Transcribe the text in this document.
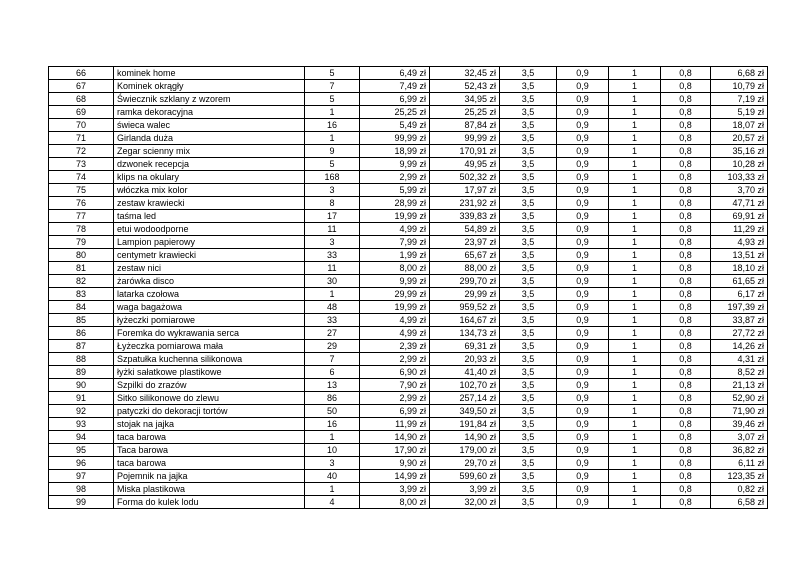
66	kominek home	5	6,49 zł	32,45 zł	3,5	0,9	1	0,8	6,68 zł
67	Kominek okrągły	7	7,49 zł	52,43 zł	3,5	0,9	1	0,8	10,79 zł
68	Świecznik szklany z wzorem	5	6,99 zł	34,95 zł	3,5	0,9	1	0,8	7,19 zł
69	ramka dekoracyjna	1	25,25 zł	25,25 zł	3,5	0,9	1	0,8	5,19 zł
70	świeca walec	16	5,49 zł	87,84 zł	3,5	0,9	1	0,8	18,07 zł
71	Girlanda duża	1	99,99 zł	99,99 zł	3,5	0,9	1	0,8	20,57 zł
72	Zegar scienny mix	9	18,99 zł	170,91 zł	3,5	0,9	1	0,8	35,16 zł
73	dzwonek recepcja	5	9,99 zł	49,95 zł	3,5	0,9	1	0,8	10,28 zł
74	klips na okulary	168	2,99 zł	502,32 zł	3,5	0,9	1	0,8	103,33 zł
75	włóczka mix kolor	3	5,99 zł	17,97 zł	3,5	0,9	1	0,8	3,70 zł
76	zestaw krawiecki	8	28,99 zł	231,92 zł	3,5	0,9	1	0,8	47,71 zł
77	taśma led	17	19,99 zł	339,83 zł	3,5	0,9	1	0,8	69,91 zł
78	etui wodoodporne	11	4,99 zł	54,89 zł	3,5	0,9	1	0,8	11,29 zł
79	Lampion papierowy	3	7,99 zł	23,97 zł	3,5	0,9	1	0,8	4,93 zł
80	centymetr krawiecki	33	1,99 zł	65,67 zł	3,5	0,9	1	0,8	13,51 zł
81	zestaw nici	11	8,00 zł	88,00 zł	3,5	0,9	1	0,8	18,10 zł
82	żarówka disco	30	9,99 zł	299,70 zł	3,5	0,9	1	0,8	61,65 zł
83	latarka czołowa	1	29,99 zł	29,99 zł	3,5	0,9	1	0,8	6,17 zł
84	waga bagażowa	48	19,99 zł	959,52 zł	3,5	0,9	1	0,8	197,39 zł
85	łyżeczki pomiarowe	33	4,99 zł	164,67 zł	3,5	0,9	1	0,8	33,87 zł
86	Foremka do wykrawania serca	27	4,99 zł	134,73 zł	3,5	0,9	1	0,8	27,72 zł
87	Łyżeczka pomiarowa mała	29	2,39 zł	69,31 zł	3,5	0,9	1	0,8	14,26 zł
88	Szpatułka kuchenna silikonowa	7	2,99 zł	20,93 zł	3,5	0,9	1	0,8	4,31 zł
89	łyżki sałatkowe plastikowe	6	6,90 zł	41,40 zł	3,5	0,9	1	0,8	8,52 zł
90	Szpilki do zrazów	13	7,90 zł	102,70 zł	3,5	0,9	1	0,8	21,13 zł
91	Sitko silikonowe do zlewu	86	2,99 zł	257,14 zł	3,5	0,9	1	0,8	52,90 zł
92	patyczki do dekoracji tortów	50	6,99 zł	349,50 zł	3,5	0,9	1	0,8	71,90 zł
93	stojak na jajka	16	11,99 zł	191,84 zł	3,5	0,9	1	0,8	39,46 zł
94	taca barowa	1	14,90 zł	14,90 zł	3,5	0,9	1	0,8	3,07 zł
95	Taca barowa	10	17,90 zł	179,00 zł	3,5	0,9	1	0,8	36,82 zł
96	taca barowa	3	9,90 zł	29,70 zł	3,5	0,9	1	0,8	6,11 zł
97	Pojemnik na jajka	40	14,99 zł	599,60 zł	3,5	0,9	1	0,8	123,35 zł
98	Miska plastikowa	1	3,99 zł	3,99 zł	3,5	0,9	1	0,8	0,82 zł
99	Forma do kulek lodu	4	8,00 zł	32,00 zł	3,5	0,9	1	0,8	6,58 zł
